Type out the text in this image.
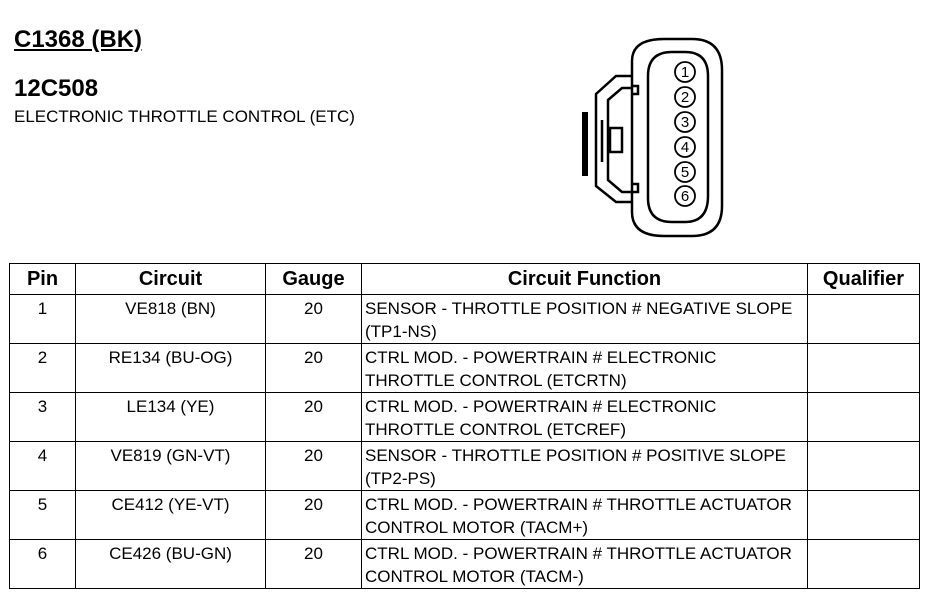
C1368 (BK)
12C508

ELECTRONIC THROTTLE CONTROL (ETC)

1
2
3
4
5
6
Pin	Circuit	Gauge	Circuit Function	Qualifier
1	VE818 (BN)	20	SENSOR - THROTTLE POSITION # NEGATIVE SLOPE (TP1-NS)	
2	RE134 (BU-OG)	20	CTRL MOD. - POWERTRAIN # ELECTRONIC THROTTLE CONTROL (ETCRTN)	
3	LE134 (YE)	20	CTRL MOD. - POWERTRAIN # ELECTRONIC THROTTLE CONTROL (ETCREF)	
4	VE819 (GN-VT)	20	SENSOR - THROTTLE POSITION # POSITIVE SLOPE (TP2-PS)	
5	CE412 (YE-VT)	20	CTRL MOD. - POWERTRAIN # THROTTLE ACTUATOR CONTROL MOTOR (TACM+)	
6	CE426 (BU-GN)	20	CTRL MOD. - POWERTRAIN # THROTTLE ACTUATOR CONTROL MOTOR (TACM-)	
